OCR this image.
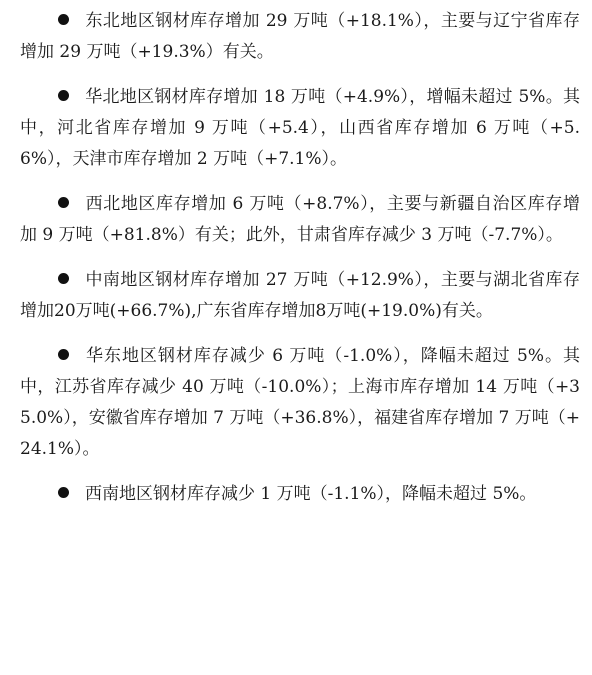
东北地区钢材库存增加 29 万吨（+18.1%），主要与辽宁省库存增加 29 万吨（+19.3%）有关。

华北地区钢材库存增加 18 万吨（+4.9%），增幅未超过 5%。其中，河北省库存增加 9 万吨（+5.4），山西省库存增加 6 万吨（+5.6%），天津市库存增加 2 万吨（+7.1%）。

西北地区库存增加 6 万吨（+8.7%），主要与新疆自治区库存增加 9 万吨（+81.8%）有关；此外，甘肃省库存减少 3 万吨（-7.7%）。

中南地区钢材库存增加 27 万吨（+12.9%），主要与湖北省库存增加20万吨(+66.7%),广东省库存增加8万吨(+19.0%)有关。

华东地区钢材库存减少 6 万吨（-1.0%），降幅未超过 5%。其中，江苏省库存减少 40 万吨（-10.0%）；上海市库存增加 14 万吨（+35.0%），安徽省库存增加 7 万吨（+36.8%），福建省库存增加 7 万吨（+24.1%）。

西南地区钢材库存减少 1 万吨（-1.1%），降幅未超过 5%。
